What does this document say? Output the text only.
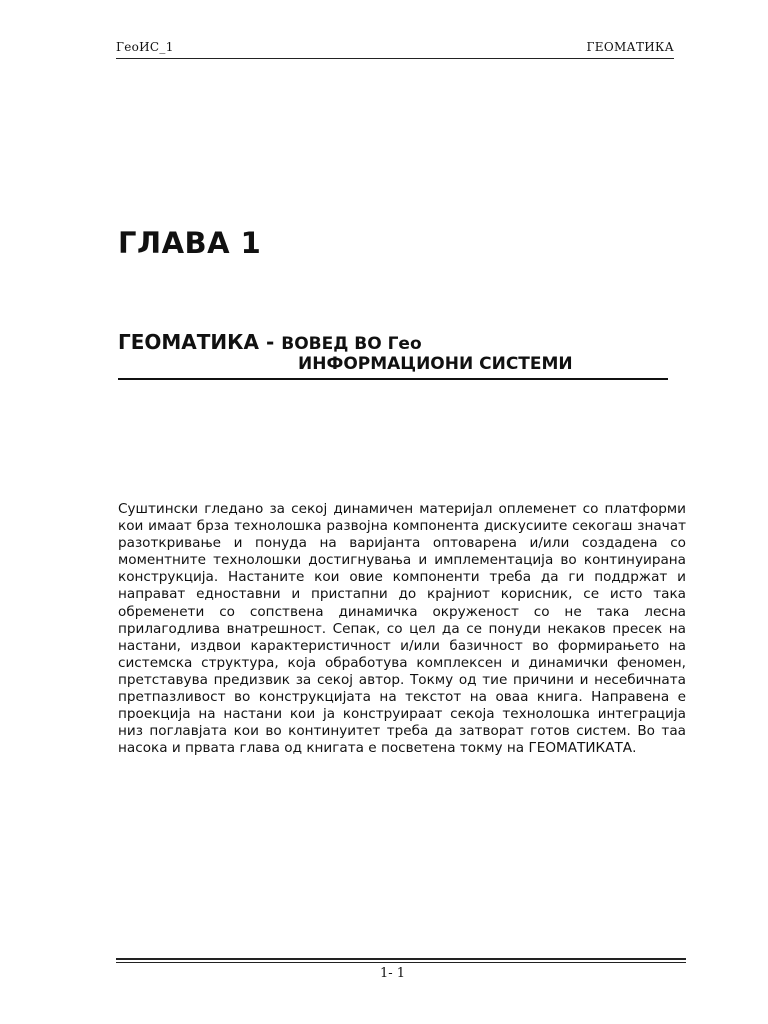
ГеоИС_1	ГЕОМАТИКА
ГЛАВА 1
ГЕОМАТИКА - ВОВЕД ВО Гео
ИНФОРМАЦИОНИ СИСТЕМИ

Суштински гледано за секој динамичен материјал оплеменет со платформи кои имаат брза технолошка развојна компонента дискусиите секогаш значат разоткривање и понуда на варијанта оптоварена и/или создадена со моментните технолошки достигнувања и имплементација во континуирана конструкција. Настаните кои овие компоненти треба да ги поддржат и направат едноставни и пристапни до крајниот корисник, се исто така обременети со сопствена динамичка окруженост со не така лесна прилагодлива внатрешност. Сепак, со цел да се понуди некаков пресек на настани, издвои карактеристичност и/или базичност во формирањето на системска структура, која обработува комплексен и динамички феномен, претставува предизвик за секој автор. Токму од тие причини и несебичната претпазливост во конструкцијата на текстот на оваа книга. Направена е проекција на настани кои ја конструираат секоја технолошка интеграција низ поглавјата кои во континуитет треба да затворат готов систем. Во таа насока и првата глава од книгата е посветена токму на ГЕОМАТИКАТА.

1- 1
